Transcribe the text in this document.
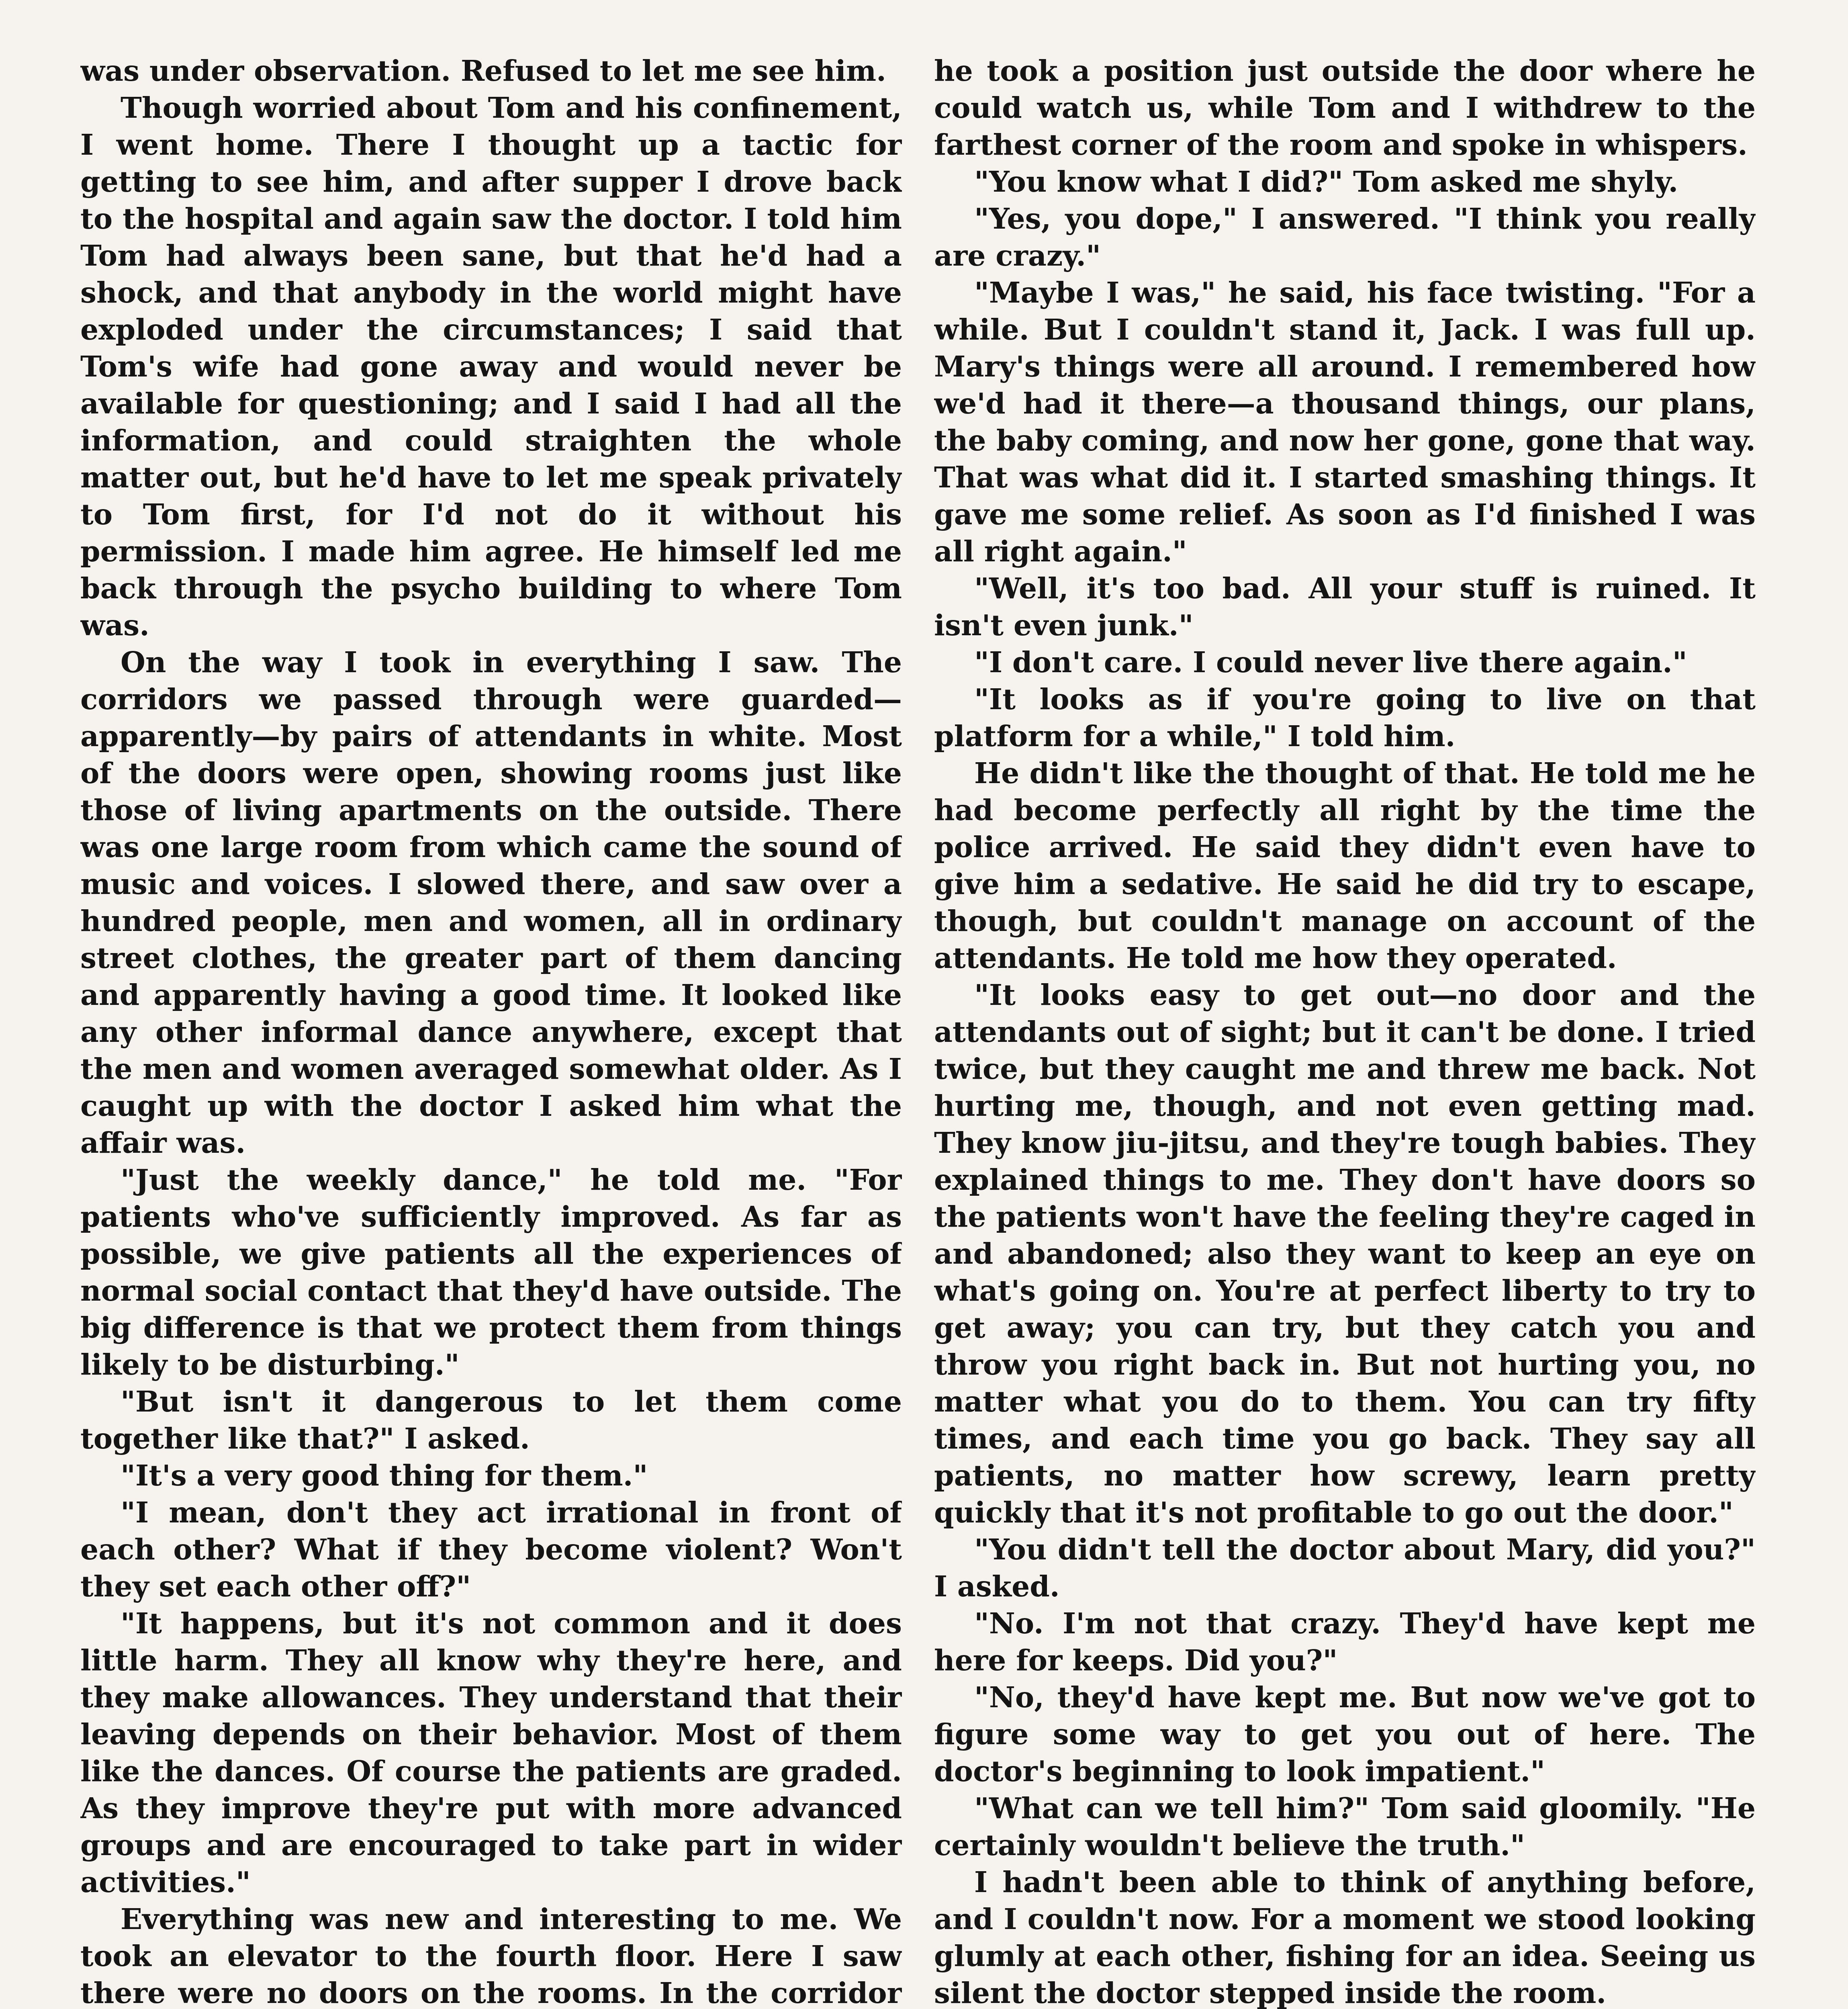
was under observation. Refused to let me see him.

Though worried about Tom and his confinement, I went home. There I thought up a tactic for getting to see him, and after supper I drove back to the hospital and again saw the doctor. I told him Tom had always been sane, but that he'd had a shock, and that anybody in the world might have exploded under the circumstances; I said that Tom's wife had gone away and would never be available for questioning; and I said I had all the information, and could straighten the whole matter out, but he'd have to let me speak privately to Tom first, for I'd not do it without his permission. I made him agree. He himself led me back through the psycho building to where Tom was.

On the way I took in everything I saw. The corridors we passed through were guarded—apparently—by pairs of attendants in white. Most of the doors were open, showing rooms just like those of living apartments on the outside. There was one large room from which came the sound of music and voices. I slowed there, and saw over a hundred people, men and women, all in ordinary street clothes, the greater part of them dancing and apparently having a good time. It looked like any other informal dance anywhere, except that the men and women averaged somewhat older. As I caught up with the doctor I asked him what the affair was.

"Just the weekly dance," he told me. "For patients who've sufficiently improved. As far as possible, we give patients all the experiences of normal social contact that they'd have outside. The big difference is that we protect them from things likely to be disturbing."

"But isn't it dangerous to let them come together like that?" I asked.

"It's a very good thing for them."

"I mean, don't they act irrational in front of each other? What if they become violent? Won't they set each other off?"

"It happens, but it's not common and it does little harm. They all know why they're here, and they make allowances. They understand that their leaving depends on their behavior. Most of them like the dances. Of course the patients are graded. As they improve they're put with more advanced groups and are encouraged to take part in wider activities."

Everything was new and interesting to me. We took an elevator to the fourth floor. Here I saw there were no doors on the rooms. In the corridor

he took a position just outside the door where he could watch us, while Tom and I withdrew to the farthest corner of the room and spoke in whispers.

"You know what I did?" Tom asked me shyly.

"Yes, you dope," I answered. "I think you really are crazy."

"Maybe I was," he said, his face twisting. "For a while. But I couldn't stand it, Jack. I was full up. Mary's things were all around. I remembered how we'd had it there—a thousand things, our plans, the baby coming, and now her gone, gone that way. That was what did it. I started smashing things. It gave me some relief. As soon as I'd finished I was all right again."

"Well, it's too bad. All your stuff is ruined. It isn't even junk."

"I don't care. I could never live there again."

"It looks as if you're going to live on that platform for a while," I told him.

He didn't like the thought of that. He told me he had become perfectly all right by the time the police arrived. He said they didn't even have to give him a sedative. He said he did try to escape, though, but couldn't manage on account of the attendants. He told me how they operated.

"It looks easy to get out—no door and the attendants out of sight; but it can't be done. I tried twice, but they caught me and threw me back. Not hurting me, though, and not even getting mad. They know jiu-jitsu, and they're tough babies. They explained things to me. They don't have doors so the patients won't have the feeling they're caged in and abandoned; also they want to keep an eye on what's going on. You're at perfect liberty to try to get away; you can try, but they catch you and throw you right back in. But not hurting you, no matter what you do to them. You can try fifty times, and each time you go back. They say all patients, no matter how screwy, learn pretty quickly that it's not profitable to go out the door."

"You didn't tell the doctor about Mary, did you?" I asked.

"No. I'm not that crazy. They'd have kept me here for keeps. Did you?"

"No, they'd have kept me. But now we've got to figure some way to get you out of here. The doctor's beginning to look impatient."

"What can we tell him?" Tom said gloomily. "He certainly wouldn't believe the truth."

I hadn't been able to think of anything before, and I couldn't now. For a moment we stood looking glumly at each other, fishing for an idea. Seeing us silent the doctor stepped inside the room.
